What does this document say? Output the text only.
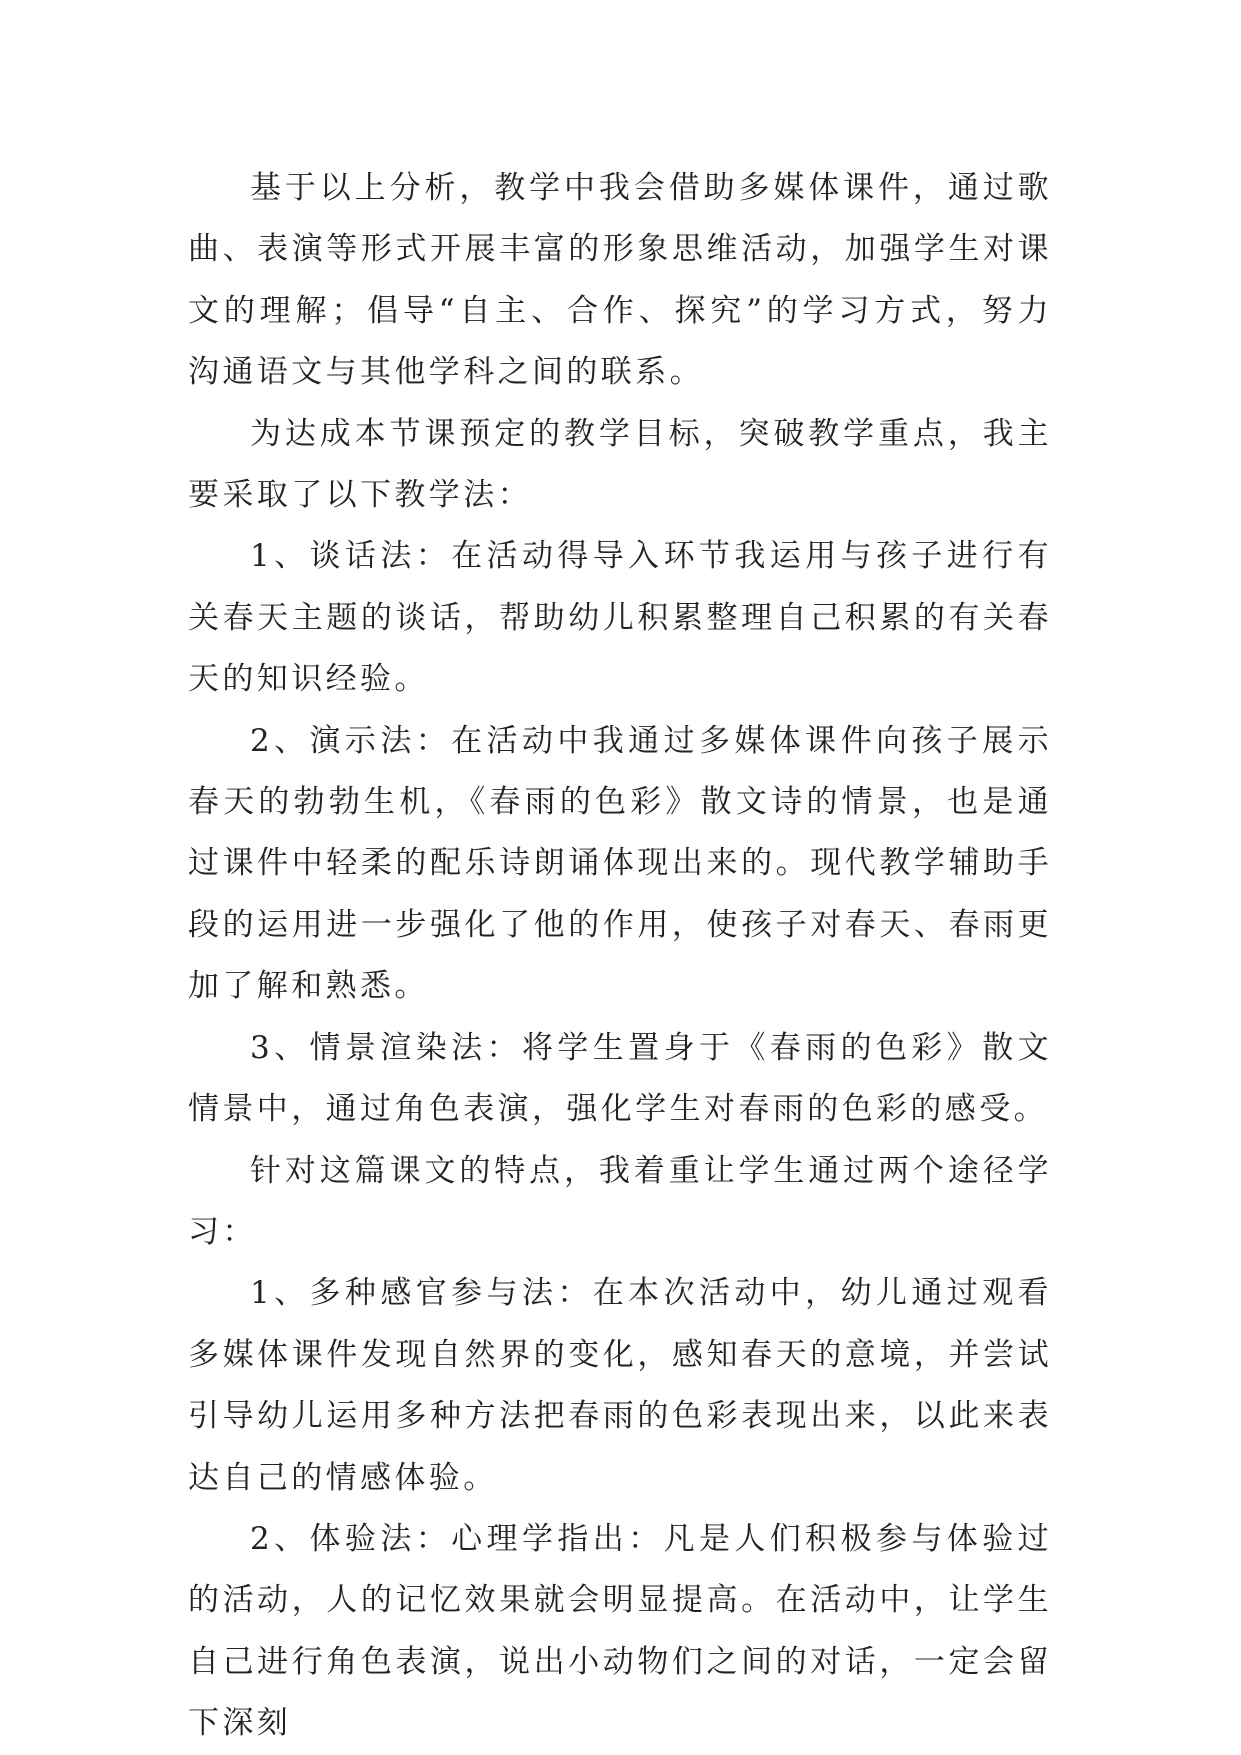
基于以上分析，教学中我会借助多媒体课件，通过歌曲、表演等形式开展丰富的形象思维活动，加强学生对课文的理解；倡导“自主、合作、探究”的学习方式，努力沟通语文与其他学科之间的联系。

为达成本节课预定的教学目标，突破教学重点，我主要采取了以下教学法：

1、谈话法：在活动得导入环节我运用与孩子进行有关春天主题的谈话，帮助幼儿积累整理自己积累的有关春天的知识经验。

2、演示法：在活动中我通过多媒体课件向孩子展示春天的勃勃生机，《春雨的色彩》散文诗的情景，也是通过课件中轻柔的配乐诗朗诵体现出来的。现代教学辅助手段的运用进一步强化了他的作用，使孩子对春天、春雨更加了解和熟悉。

3、情景渲染法：将学生置身于《春雨的色彩》散文情景中，通过角色表演，强化学生对春雨的色彩的感受。

针对这篇课文的特点，我着重让学生通过两个途径学习：

1、多种感官参与法：在本次活动中，幼儿通过观看多媒体课件发现自然界的变化，感知春天的意境，并尝试引导幼儿运用多种方法把春雨的色彩表现出来，以此来表达自己的情感体验。

2、体验法：心理学指出：凡是人们积极参与体验过的活动，人的记忆效果就会明显提高。在活动中，让学生自己进行角色表演，说出小动物们之间的对话，一定会留下深刻
